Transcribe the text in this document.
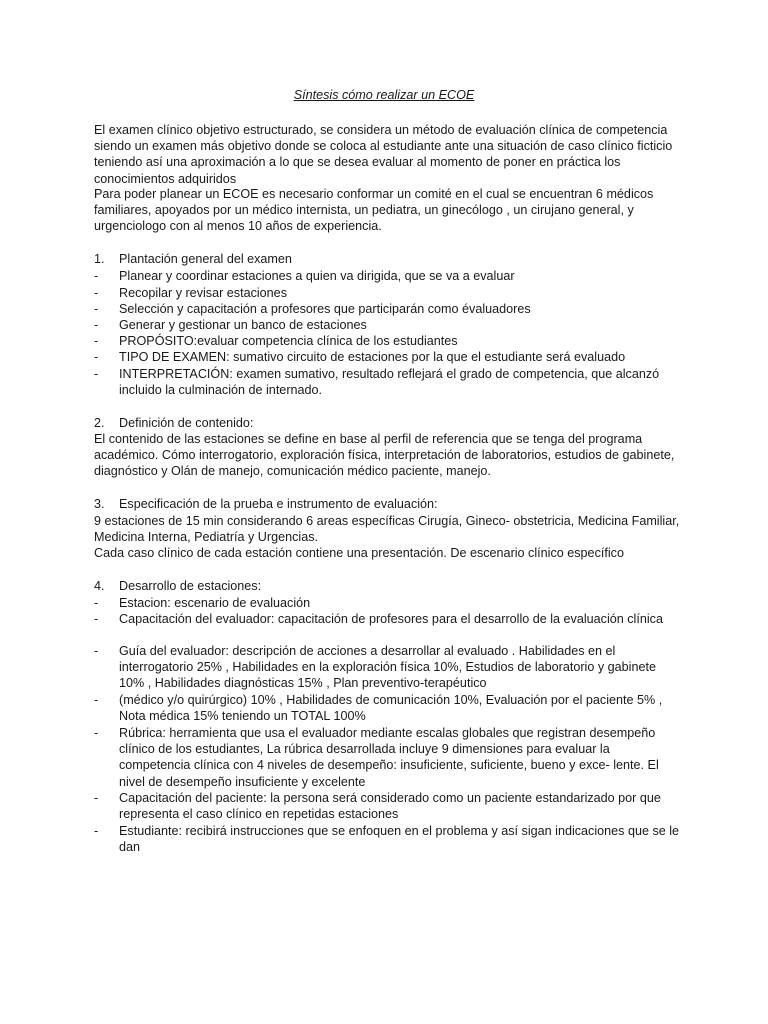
Síntesis cómo realizar un ECOE

El examen clínico objetivo estructurado, se considera un método de evaluación clínica de competencia siendo un examen más objetivo donde se coloca al estudiante ante una situación de caso clínico ficticio teniendo así una aproximación a lo que se desea evaluar al momento de poner en práctica los conocimientos adquiridos

Para poder planear un ECOE es necesario conformar un comité en el cual se encuentran 6 médicos familiares, apoyados por un médico internista, un pediatra, un ginecólogo , un cirujano general, y urgenciologo con al menos 10 años de experiencia.

1.	Plantación general del examen
-	Planear y coordinar estaciones a quien va dirigida, que se va a evaluar
-	Recopilar y revisar estaciones
-	Selección y capacitación a profesores que participarán como évaluadores
-	Generar y gestionar un banco de estaciones
-	PROPÓSITO:evaluar competencia clínica de los estudiantes
-	TIPO DE EXAMEN: sumativo circuito de estaciones por la que el estudiante será evaluado
-	INTERPRETACIÓN: examen sumativo, resultado reflejará el grado de competencia, que alcanzó incluido la culminación de internado.
2.	Definición de contenido:

El contenido de las estaciones se define en base al perfil de referencia que se tenga del programa académico. Cómo interrogatorio, exploración física, interpretación de laboratorios, estudios de gabinete, diagnóstico y Olán de manejo, comunicación médico paciente, manejo.

3.	Especificación de la prueba e instrumento de evaluación:

9 estaciones de 15 min considerando 6 areas específicas Cirugía, Gineco- obstetricia, Medicina Familiar, Medicina Interna, Pediatría y Urgencias.

Cada caso clínico de cada estación contiene una presentación. De escenario clínico específico

4.	Desarrollo de estaciones:
-	Estacion: escenario de evaluación
-	Capacitación del evaluador: capacitación de profesores para el desarrollo de la evaluación clínica
-	Guía del evaluador: descripción de acciones a desarrollar al evaluado . Habilidades en el interrogatorio 25% , Habilidades en la exploración física 10%, Estudios de laboratorio y gabinete 10% , Habilidades diagnósticas 15% , Plan preventivo-terapéutico
-	(médico y/o quirúrgico) 10% , Habilidades de comunicación 10%, Evaluación por el paciente 5% , Nota médica 15% teniendo un TOTAL 100%
-	Rúbrica: herramienta que usa el evaluador mediante escalas globales que registran desempeño clínico de los estudiantes, La rúbrica desarrollada incluye 9 dimensiones para evaluar la competencia clínica con 4 niveles de desempeño: insuficiente, suficiente, bueno y exce- lente. El nivel de desempeño insuficiente y excelente
-	Capacitación del paciente: la persona será considerado como un paciente estandarizado por que representa el caso clínico en repetidas estaciones
-	Estudiante: recibirá instrucciones que se enfoquen en el problema y así sigan indicaciones que se le dan
